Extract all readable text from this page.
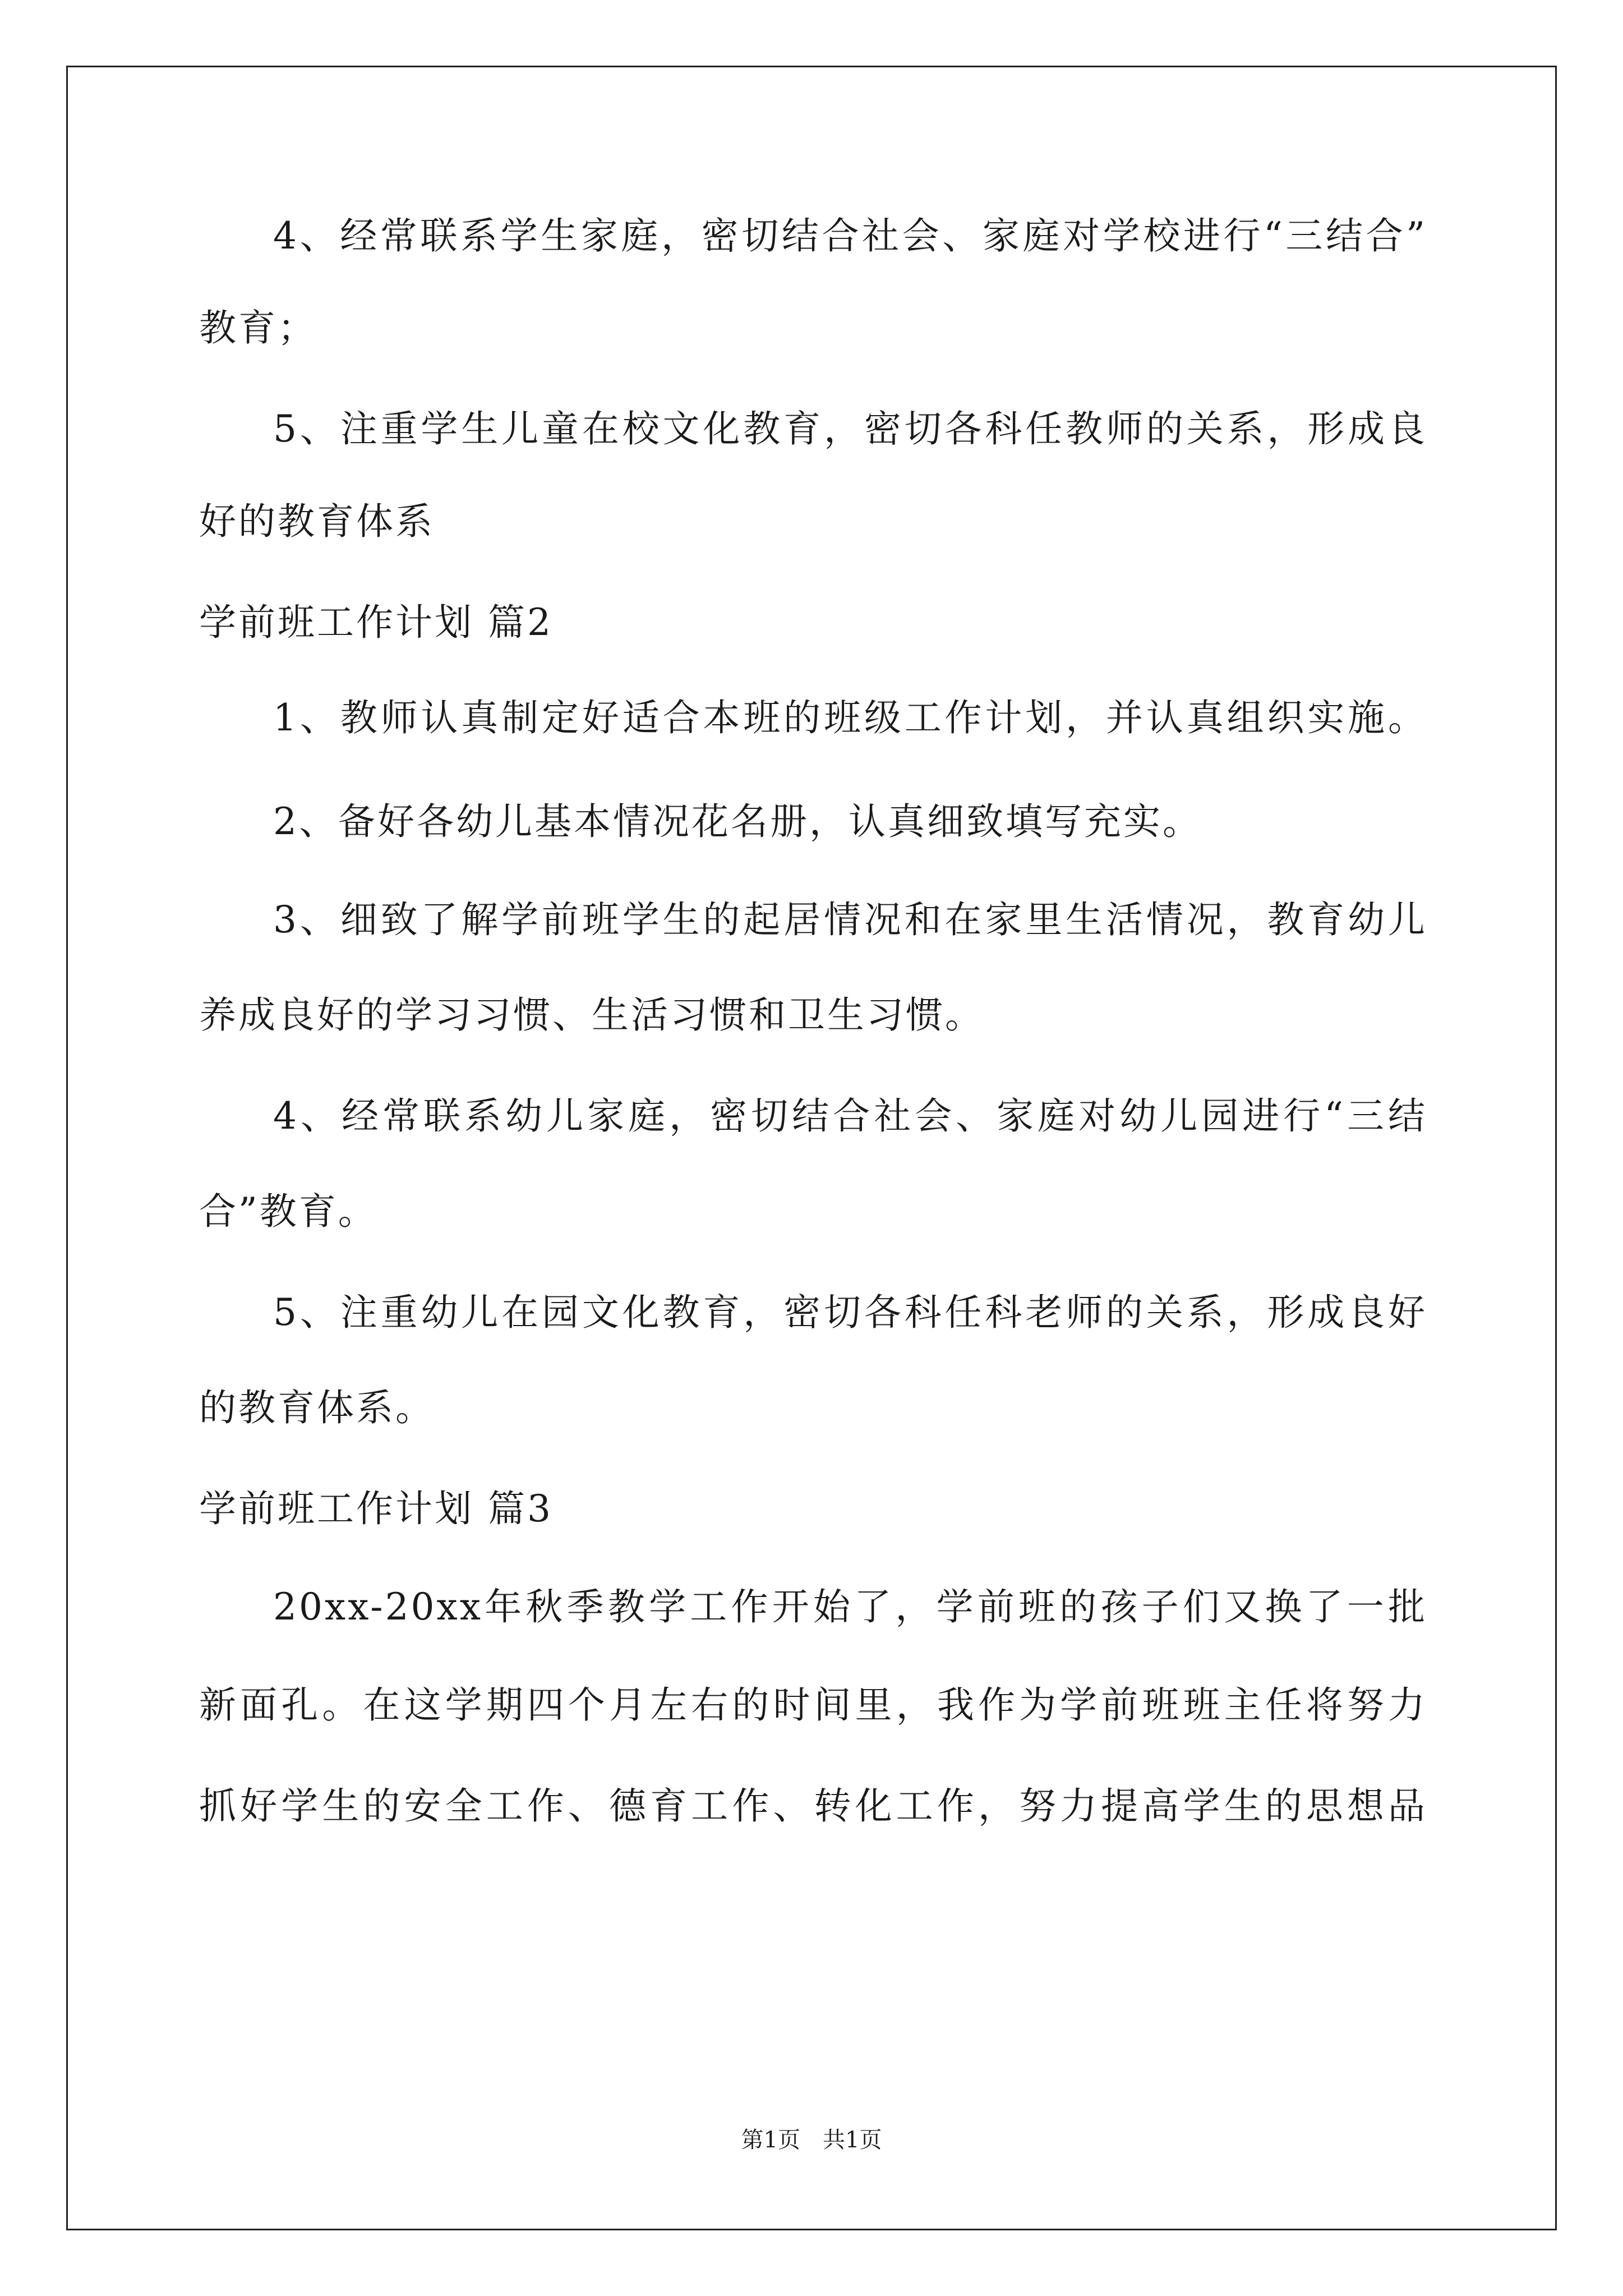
4、经常联系学生家庭，密切结合社会、家庭对学校进行“三结合”
教育；
5、注重学生儿童在校文化教育，密切各科任教师的关系，形成良
好的教育体系
学前班工作计划 篇2
1、教师认真制定好适合本班的班级工作计划，并认真组织实施。
2、备好各幼儿基本情况花名册，认真细致填写充实。
3、细致了解学前班学生的起居情况和在家里生活情况，教育幼儿
养成良好的学习习惯、生活习惯和卫生习惯。
4、经常联系幼儿家庭，密切结合社会、家庭对幼儿园进行“三结
合”教育。
5、注重幼儿在园文化教育，密切各科任科老师的关系，形成良好
的教育体系。
学前班工作计划 篇3
20xx-20xx年秋季教学工作开始了，学前班的孩子们又换了一批
新面孔。在这学期四个月左右的时间里，我作为学前班班主任将努力
抓好学生的安全工作、德育工作、转化工作，努力提高学生的思想品
第1页　共1页
